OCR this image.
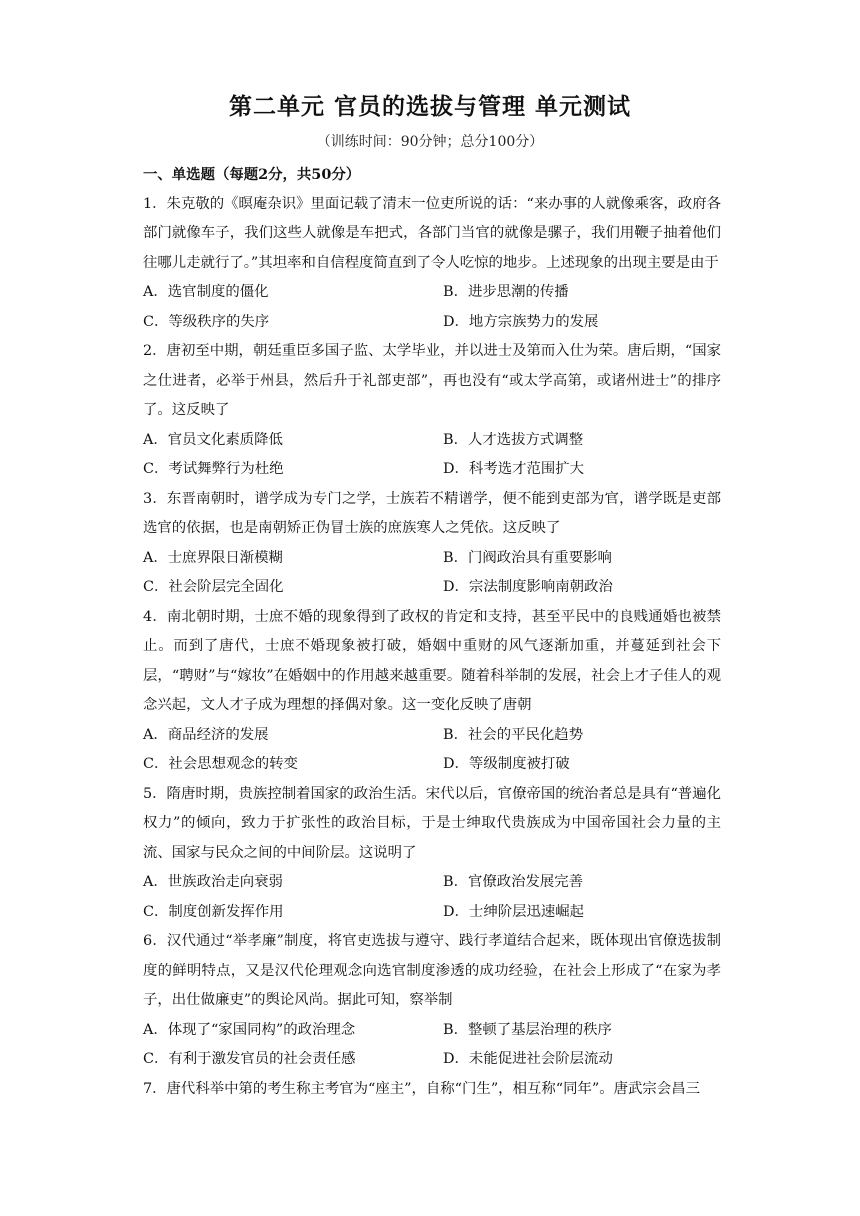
第二单元 官员的选拔与管理 单元测试
（训练时间：90分钟；总分100分）
一、单选题（每题2分，共50分）
1．朱克敬的《暝庵杂识》里面记载了清末一位吏所说的话：“来办事的人就像乘客，政府各部门就像车子，我们这些人就像是车把式，各部门当官的就像是骡子，我们用鞭子抽着他们往哪儿走就行了。”其坦率和自信程度简直到了令人吃惊的地步。上述现象的出现主要是由于
A．选官制度的僵化	B．进步思潮的传播
C．等级秩序的失序	D．地方宗族势力的发展
2．唐初至中期，朝廷重臣多国子监、太学毕业，并以进士及第而入仕为荣。唐后期，“国家之仕进者，必举于州县，然后升于礼部吏部”，再也没有“或太学高第，或诸州进士”的排序了。这反映了
A．官员文化素质降低	B．人才选拔方式调整
C．考试舞弊行为杜绝	D．科考选才范围扩大
3．东晋南朝时，谱学成为专门之学，士族若不精谱学，便不能到吏部为官，谱学既是吏部选官的依据，也是南朝矫正伪冒士族的庶族寒人之凭依。这反映了
A．士庶界限日渐模糊	B．门阀政治具有重要影响
C．社会阶层完全固化	D．宗法制度影响南朝政治
4．南北朝时期，士庶不婚的现象得到了政权的肯定和支持，甚至平民中的良贱通婚也被禁止。而到了唐代，士庶不婚现象被打破，婚姻中重财的风气逐渐加重，并蔓延到社会下层，“聘财”与“嫁妆”在婚姻中的作用越来越重要。随着科举制的发展，社会上才子佳人的观念兴起，文人才子成为理想的择偶对象。这一变化反映了唐朝
A．商品经济的发展	B．社会的平民化趋势
C．社会思想观念的转变	D．等级制度被打破
5．隋唐时期，贵族控制着国家的政治生活。宋代以后，官僚帝国的统治者总是具有“普遍化权力”的倾向，致力于扩张性的政治目标，于是士绅取代贵族成为中国帝国社会力量的主流、国家与民众之间的中间阶层。这说明了
A．世族政治走向衰弱	B．官僚政治发展完善
C．制度创新发挥作用	D．士绅阶层迅速崛起
6．汉代通过“举孝廉”制度，将官吏选拔与遵守、践行孝道结合起来，既体现出官僚选拔制度的鲜明特点，又是汉代伦理观念向选官制度渗透的成功经验，在社会上形成了“在家为孝子，出仕做廉吏”的舆论风尚。据此可知，察举制
A．体现了“家国同构”的政治理念	B．整顿了基层治理的秩序
C．有利于激发官员的社会责任感	D．未能促进社会阶层流动
7．唐代科举中第的考生称主考官为“座主”，自称“门生”，相互称“同年”。唐武宗会昌三
